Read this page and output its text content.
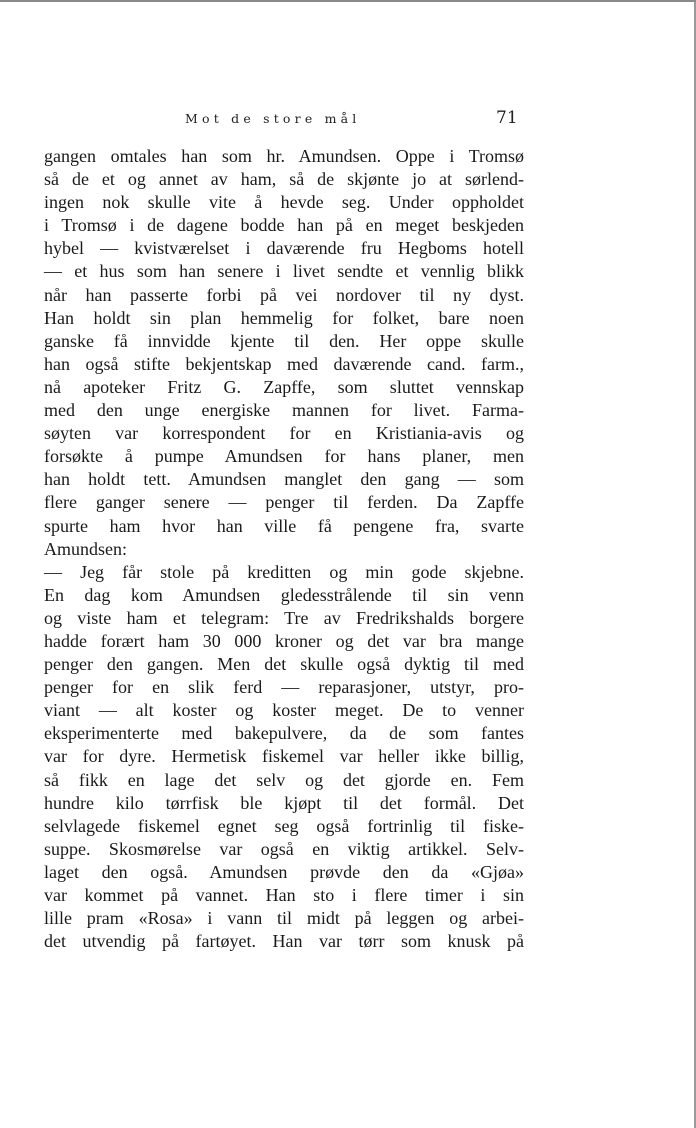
Mot de store mål	71
gangen omtales han som hr. Amundsen. Oppe i Tromsø
så de et og annet av ham, så de skjønte jo at sørlend-
ingen nok skulle vite å hevde seg. Under oppholdet
i Tromsø i de dagene bodde han på en meget beskjeden
hybel — kvistværelset i daværende fru Hegboms hotell
— et hus som han senere i livet sendte et vennlig blikk
når han passerte forbi på vei nordover til ny dyst.
Han holdt sin plan hemmelig for folket, bare noen
ganske få innvidde kjente til den. Her oppe skulle
han også stifte bekjentskap med daværende cand. farm.,
nå apoteker Fritz G. Zapffe, som sluttet vennskap
med den unge energiske mannen for livet. Farma-
søyten var korrespondent for en Kristiania-avis og
forsøkte å pumpe Amundsen for hans planer, men
han holdt tett. Amundsen manglet den gang — som
flere ganger senere — penger til ferden. Da Zapffe
spurte ham hvor han ville få pengene fra, svarte
Amundsen:
— Jeg får stole på kreditten og min gode skjebne.
En dag kom Amundsen gledesstrålende til sin venn
og viste ham et telegram: Tre av Fredrikshalds borgere
hadde forært ham 30 000 kroner og det var bra mange
penger den gangen. Men det skulle også dyktig til med
penger for en slik ferd — reparasjoner, utstyr, pro-
viant — alt koster og koster meget. De to venner
eksperimenterte med bakepulvere, da de som fantes
var for dyre. Hermetisk fiskemel var heller ikke billig,
så fikk en lage det selv og det gjorde en. Fem
hundre kilo tørrfisk ble kjøpt til det formål. Det
selvlagede fiskemel egnet seg også fortrinlig til fiske-
suppe. Skosmørelse var også en viktig artikkel. Selv-
laget den også. Amundsen prøvde den da «Gjøa»
var kommet på vannet. Han sto i flere timer i sin
lille pram «Rosa» i vann til midt på leggen og arbei-
det utvendig på fartøyet. Han var tørr som knusk på
